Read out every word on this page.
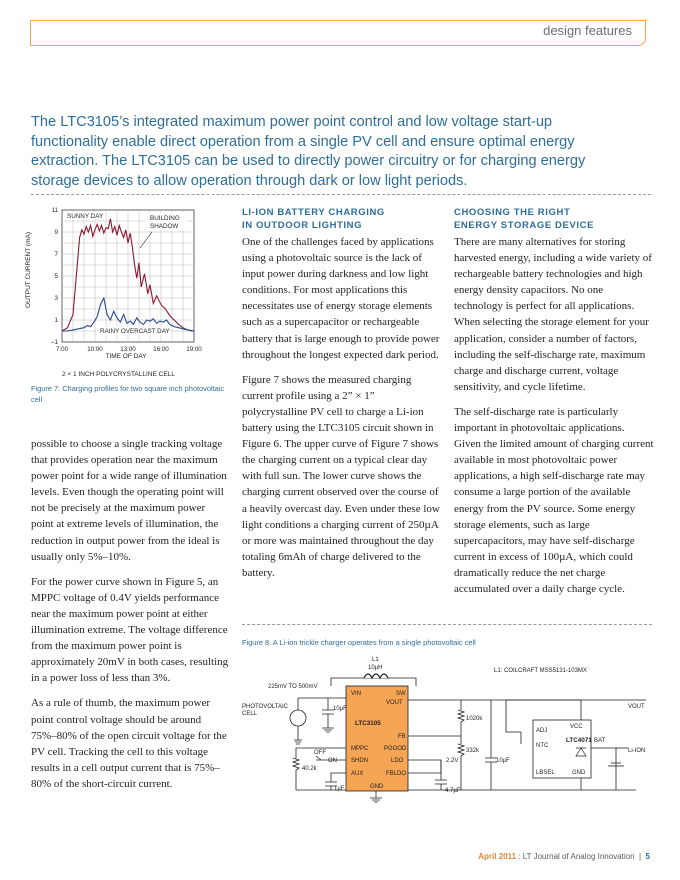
design features
The LTC3105’s integrated maximum power point control and low voltage start-up functionality enable direct operation from a single PV cell and ensure optimal energy extraction. The LTC3105 can be used to directly power circuitry or for charging energy storage devices to allow operation through dark or low light periods.
11
9
7
5
3
1
–1
7:00	10:00	13:00	16:00	19:00
OUTPUT CURRENT (mA)
TIME OF DAY
2 × 1 INCH POLYCRYSTALLINE CELL
SUNNY DAY	BUILDING SHADOW
RAINY OVERCAST DAY
Figure 7. Charging profiles for two square inch photovoltaic cell

possible to choose a single tracking voltage that provides operation near the maximum power point for a wide range of illumination levels. Even though the operating point will not be precisely at the maximum power point at extreme levels of illumination, the reduction in output power from the ideal is usually only 5%–10%.

For the power curve shown in Figure 5, an MPPC voltage of 0.4V yields performance near the maximum power point at either illumination extreme. The voltage difference from the maximum power point is approximately 20mV in both cases, resulting in a power loss of less than 3%.

As a rule of thumb, the maximum power point control voltage should be around 75%–80% of the open circuit voltage for the PV cell. Tracking the cell to this voltage results in a cell output current that is 75%–80% of the short-circuit current.

LI-ION BATTERY CHARGING
IN OUTDOOR LIGHTING

One of the challenges faced by applications using a photovoltaic source is the lack of input power during darkness and low light conditions. For most applications this necessitates use of energy storage elements such as a supercapacitor or rechargeable battery that is large enough to provide power throughout the longest expected dark period.

Figure 7 shows the measured charging current profile using a 2” × 1” polycrystalline PV cell to charge a Li-ion battery using the LTC3105 circuit shown in Figure 6. The upper curve of Figure 7 shows the charging current on a typical clear day with full sun. The lower curve shows the charging current observed over the course of a heavily overcast day. Even under these low light conditions a charging current of 250µA or more was maintained throughout the day totaling 6mAh of charge delivered to the battery.

CHOOSING THE RIGHT
ENERGY STORAGE DEVICE

There are many alternatives for storing harvested energy, including a wide variety of rechargeable battery technologies and high energy density capacitors. No one technology is perfect for all applications. When selecting the storage element for your application, consider a number of factors, including the self-discharge rate, maximum charge and discharge current, voltage sensitivity, and cycle lifetime.

The self-discharge rate is particularly important in photovoltaic applications. Given the limited amount of charging current available in most photovoltaic power applications, a high self-discharge rate may consume a large portion of the available energy from the PV source. Some energy storage elements, such as large supercapacitors, may have self-discharge current in excess of 100µA, which could dramatically reduce the net charge accumulated over a daily charge cycle.

Figure 8. A Li-ion trickle charger operates from a single photovoltaic cell
L1
10µH	L1: COILCRAFT MSS5131-103MX
225mV TO 500mV
PHOTOVOLTAIC
CELL
10µF
VIN	SW
VOUT
LTC3105
FB
MPPC	PGOOD
SHDN	LDO
AUX	FBLDO
GND
OFF
ON
40.2k
1µF
1020k
332k
2.2V
4.7µF
10µF
VOUT
ADJ
NTC
LBSEL
VCC
LTC4071 BAT
GND
Li-ION
April 2011 : LT Journal of Analog Innovation  |  5
